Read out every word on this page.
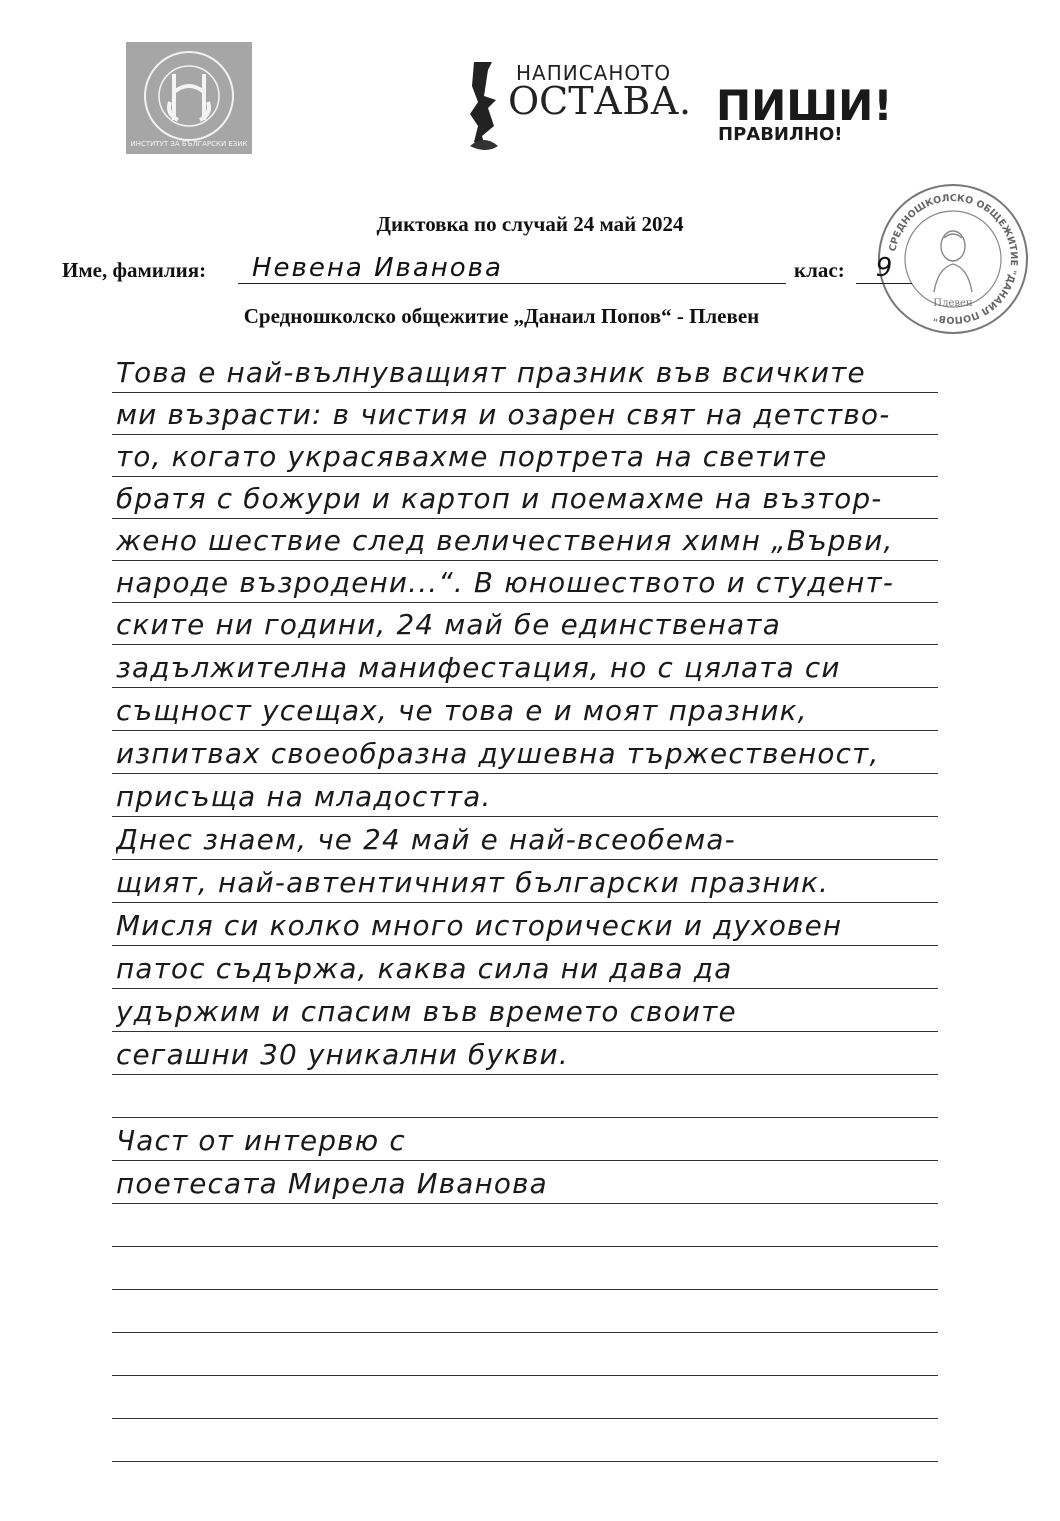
ИНСТИТУТ ЗА БЪЛГАРСКИ ЕЗИК
НАПИСАНОТО
ОСТАВА. ПИШИ!
ПРАВИЛНО!
СРЕДНОШКОЛСКО ОБЩЕЖИТИЕ "ДАНАИЛ ПОПОВ"
Плевен
Диктовка по случай 24 май 2024
Име, фамилия:	Невена Иванова	клас:	9
Средношколско общежитие „Данаил Попов“ - Плевен
Това е най-вълнуващият празник във всичките
ми възрасти: в чистия и озарен свят на детство-
то, когато украсявахме портрета на светите
братя с божури и картоп и поемахме на възтор-
жено шествие след величествения химн „Върви,
народе възродени...“. В юношеството и студент-
ските ни години, 24 май бе единствената
задължителна манифестация, но с цялата си
същност усещах, че това е и моят празник,
изпитвах своеобразна душевна тържественост,
присъща на младостта.
Днес знаем, че 24 май е най-всеобемa-
щият, най-автентичният български празник.
Мисля си колко много исторически и духовен
патос съдържа, каква сила ни дава да
удържим и спасим във времето своите
сегашни 30 уникални букви.
Част от интервю с
поетесата Мирела Иванова
